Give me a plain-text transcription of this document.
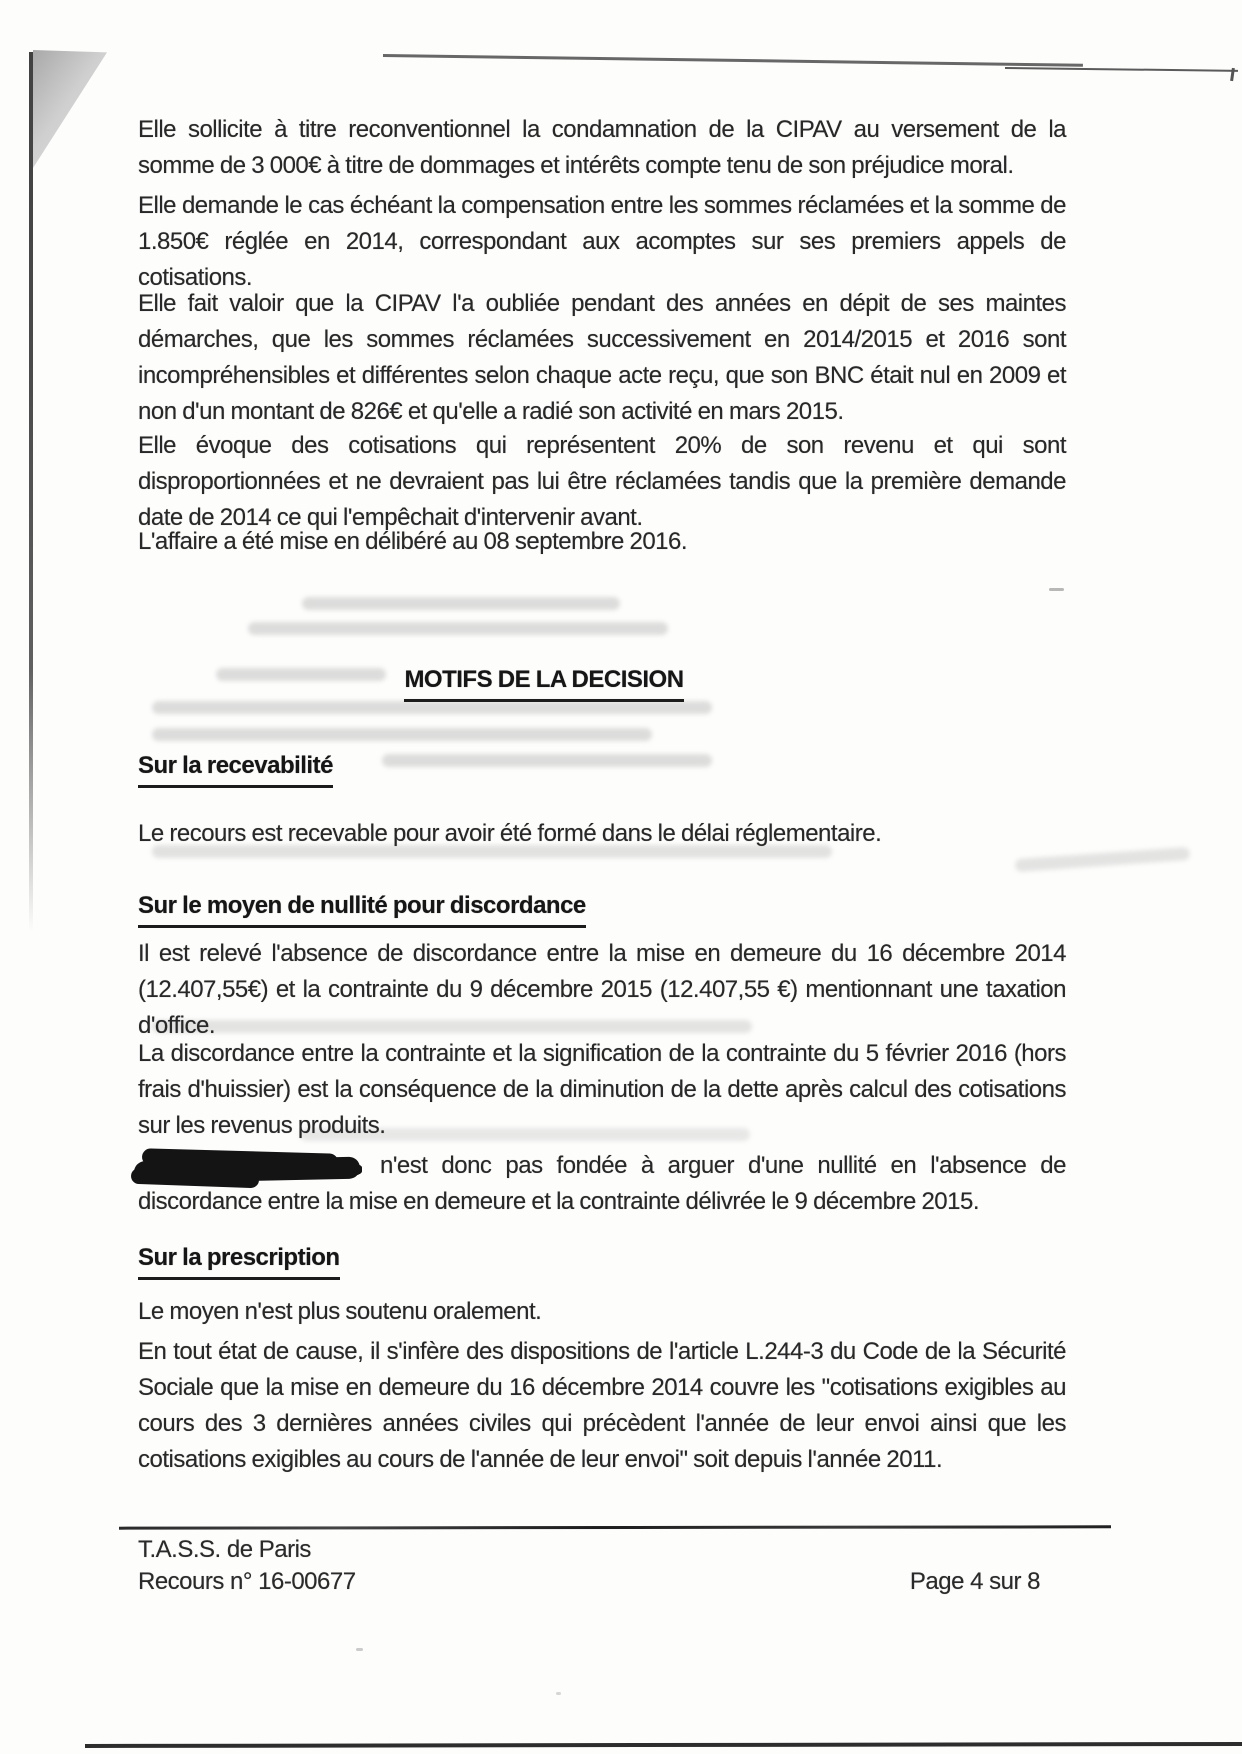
Elle sollicite à titre reconventionnel la condamnation de la CIPAV au versement de la somme de 3 000€ à titre de dommages et intérêts compte tenu de son préjudice moral.
Elle demande le cas échéant la compensation entre les sommes réclamées et la somme de 1.850€ réglée en 2014, correspondant aux acomptes sur ses premiers appels de cotisations.
Elle fait valoir que la CIPAV l'a oubliée pendant des années en dépit de ses maintes démarches, que les sommes réclamées successivement en 2014/2015 et 2016 sont incompréhensibles et différentes selon chaque acte reçu, que son BNC était nul en 2009 et non d'un montant de 826€ et qu'elle a radié son activité en mars 2015.
Elle évoque des cotisations qui représentent 20% de son revenu et qui sont disproportionnées et ne devraient pas lui être réclamées tandis que la première demande date de 2014 ce qui l'empêchait d'intervenir avant.
L'affaire a été mise en délibéré au 08 septembre 2016.
MOTIFS DE LA DECISION
Sur la recevabilité
Le recours est recevable pour avoir été formé dans le délai réglementaire.
Sur le moyen de nullité pour discordance
Il est relevé l'absence de discordance entre la mise en demeure du 16 décembre 2014 (12.407,55€) et la contrainte du 9 décembre 2015 (12.407,55 €) mentionnant une taxation d'office.
La discordance entre la contrainte et la signification de la contrainte du 5 février 2016 (hors frais d'huissier) est la conséquence de la diminution de la dette après calcul des cotisations sur les revenus produits.
n'est donc pas fondée à arguer d'une nullité en l'absence de discordance entre la mise en demeure et la contrainte délivrée le 9 décembre 2015.
Sur la prescription
Le moyen n'est plus soutenu oralement.
En tout état de cause, il s'infère des dispositions de l'article L.244-3 du Code de la Sécurité Sociale que la mise en demeure du 16 décembre 2014 couvre les "cotisations exigibles au cours des 3 dernières années civiles qui précèdent l'année de leur envoi ainsi que les cotisations exigibles au cours de l'année de leur envoi" soit depuis l'année 2011.
T.A.S.S. de Paris
Recours n° 16-00677	Page 4 sur 8
